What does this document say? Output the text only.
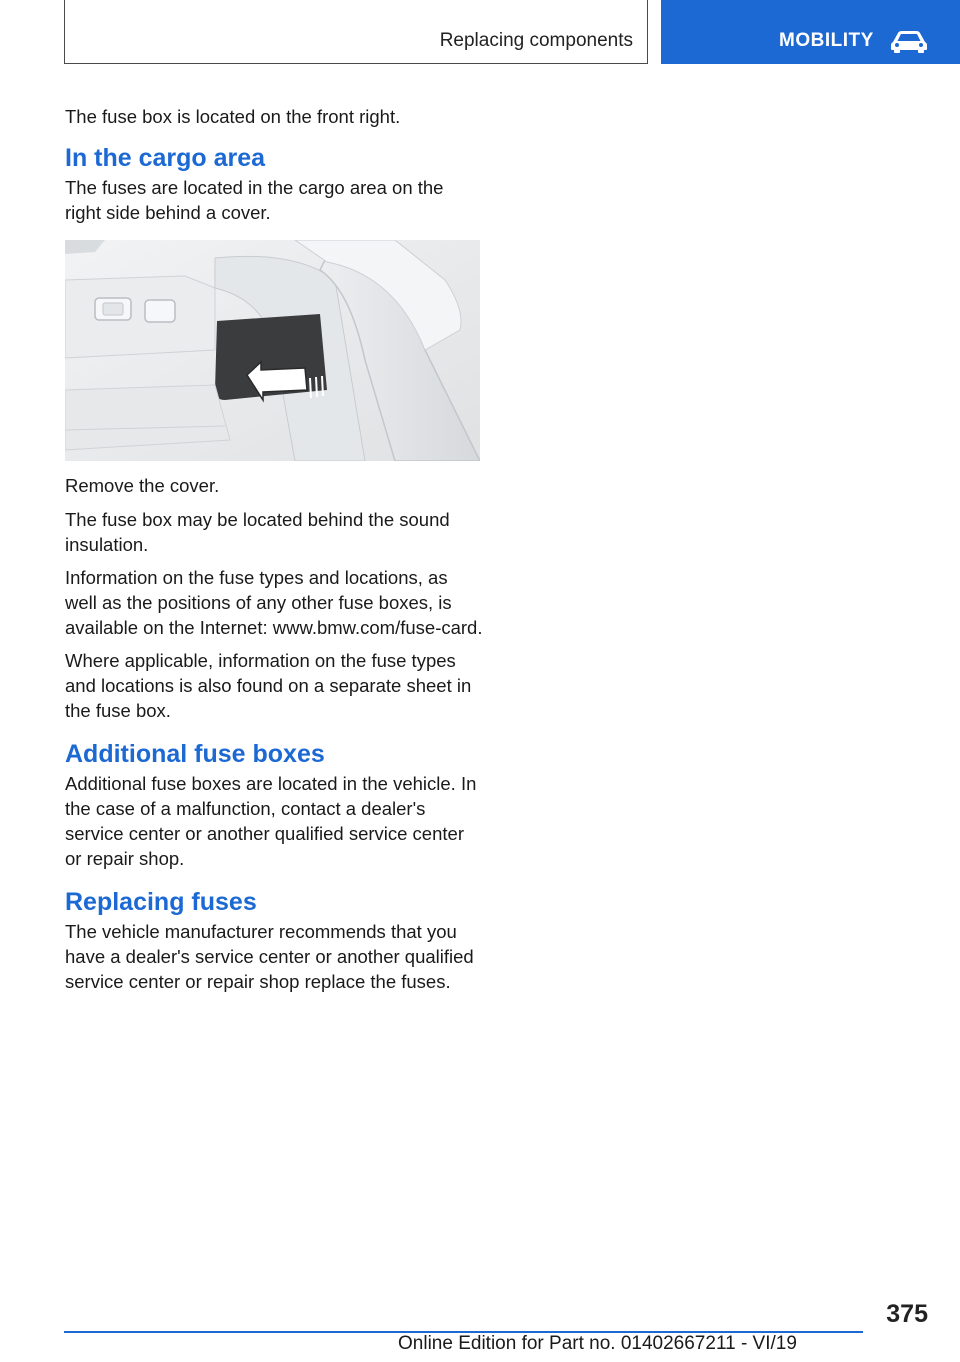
Replacing components	MOBILITY

The fuse box is located on the front right.

In the cargo area

The fuses are located in the cargo area on the right side behind a cover.

Remove the cover.

The fuse box may be located behind the sound insulation.

Information on the fuse types and locations, as well as the positions of any other fuse boxes, is available on the Internet: www.bmw.com/fuse-card.

Where applicable, information on the fuse types and locations is also found on a separate sheet in the fuse box.

Additional fuse boxes

Additional fuse boxes are located in the vehicle. In the case of a malfunction, contact a dealer's service center or another qualified service center or repair shop.

Replacing fuses

The vehicle manufacturer recommends that you have a dealer's service center or another qualified service center or repair shop replace the fuses.

375
Online Edition for Part no. 01402667211 - VI/19
